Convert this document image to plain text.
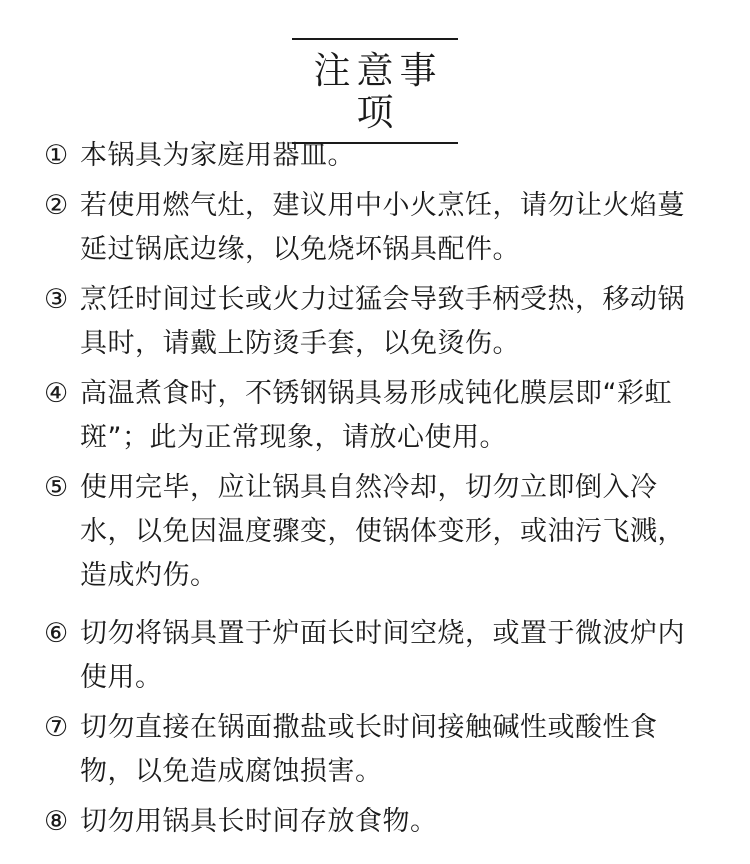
注意事项
① 本锅具为家庭用器皿。
② 若使用燃气灶，建议用中小火烹饪，请勿让火焰蔓延过锅底边缘，以免烧坏锅具配件。
③ 烹饪时间过长或火力过猛会导致手柄受热，移动锅具时，请戴上防烫手套，以免烫伤。
④ 高温煮食时，不锈钢锅具易形成钝化膜层即“彩虹斑”；此为正常现象，请放心使用。
⑤ 使用完毕，应让锅具自然冷却，切勿立即倒入冷水，以免因温度骤变，使锅体变形，或油污飞溅，造成灼伤。
⑥ 切勿将锅具置于炉面长时间空烧，或置于微波炉内使用。
⑦ 切勿直接在锅面撒盐或长时间接触碱性或酸性食物，以免造成腐蚀损害。
⑧ 切勿用锅具长时间存放食物。
